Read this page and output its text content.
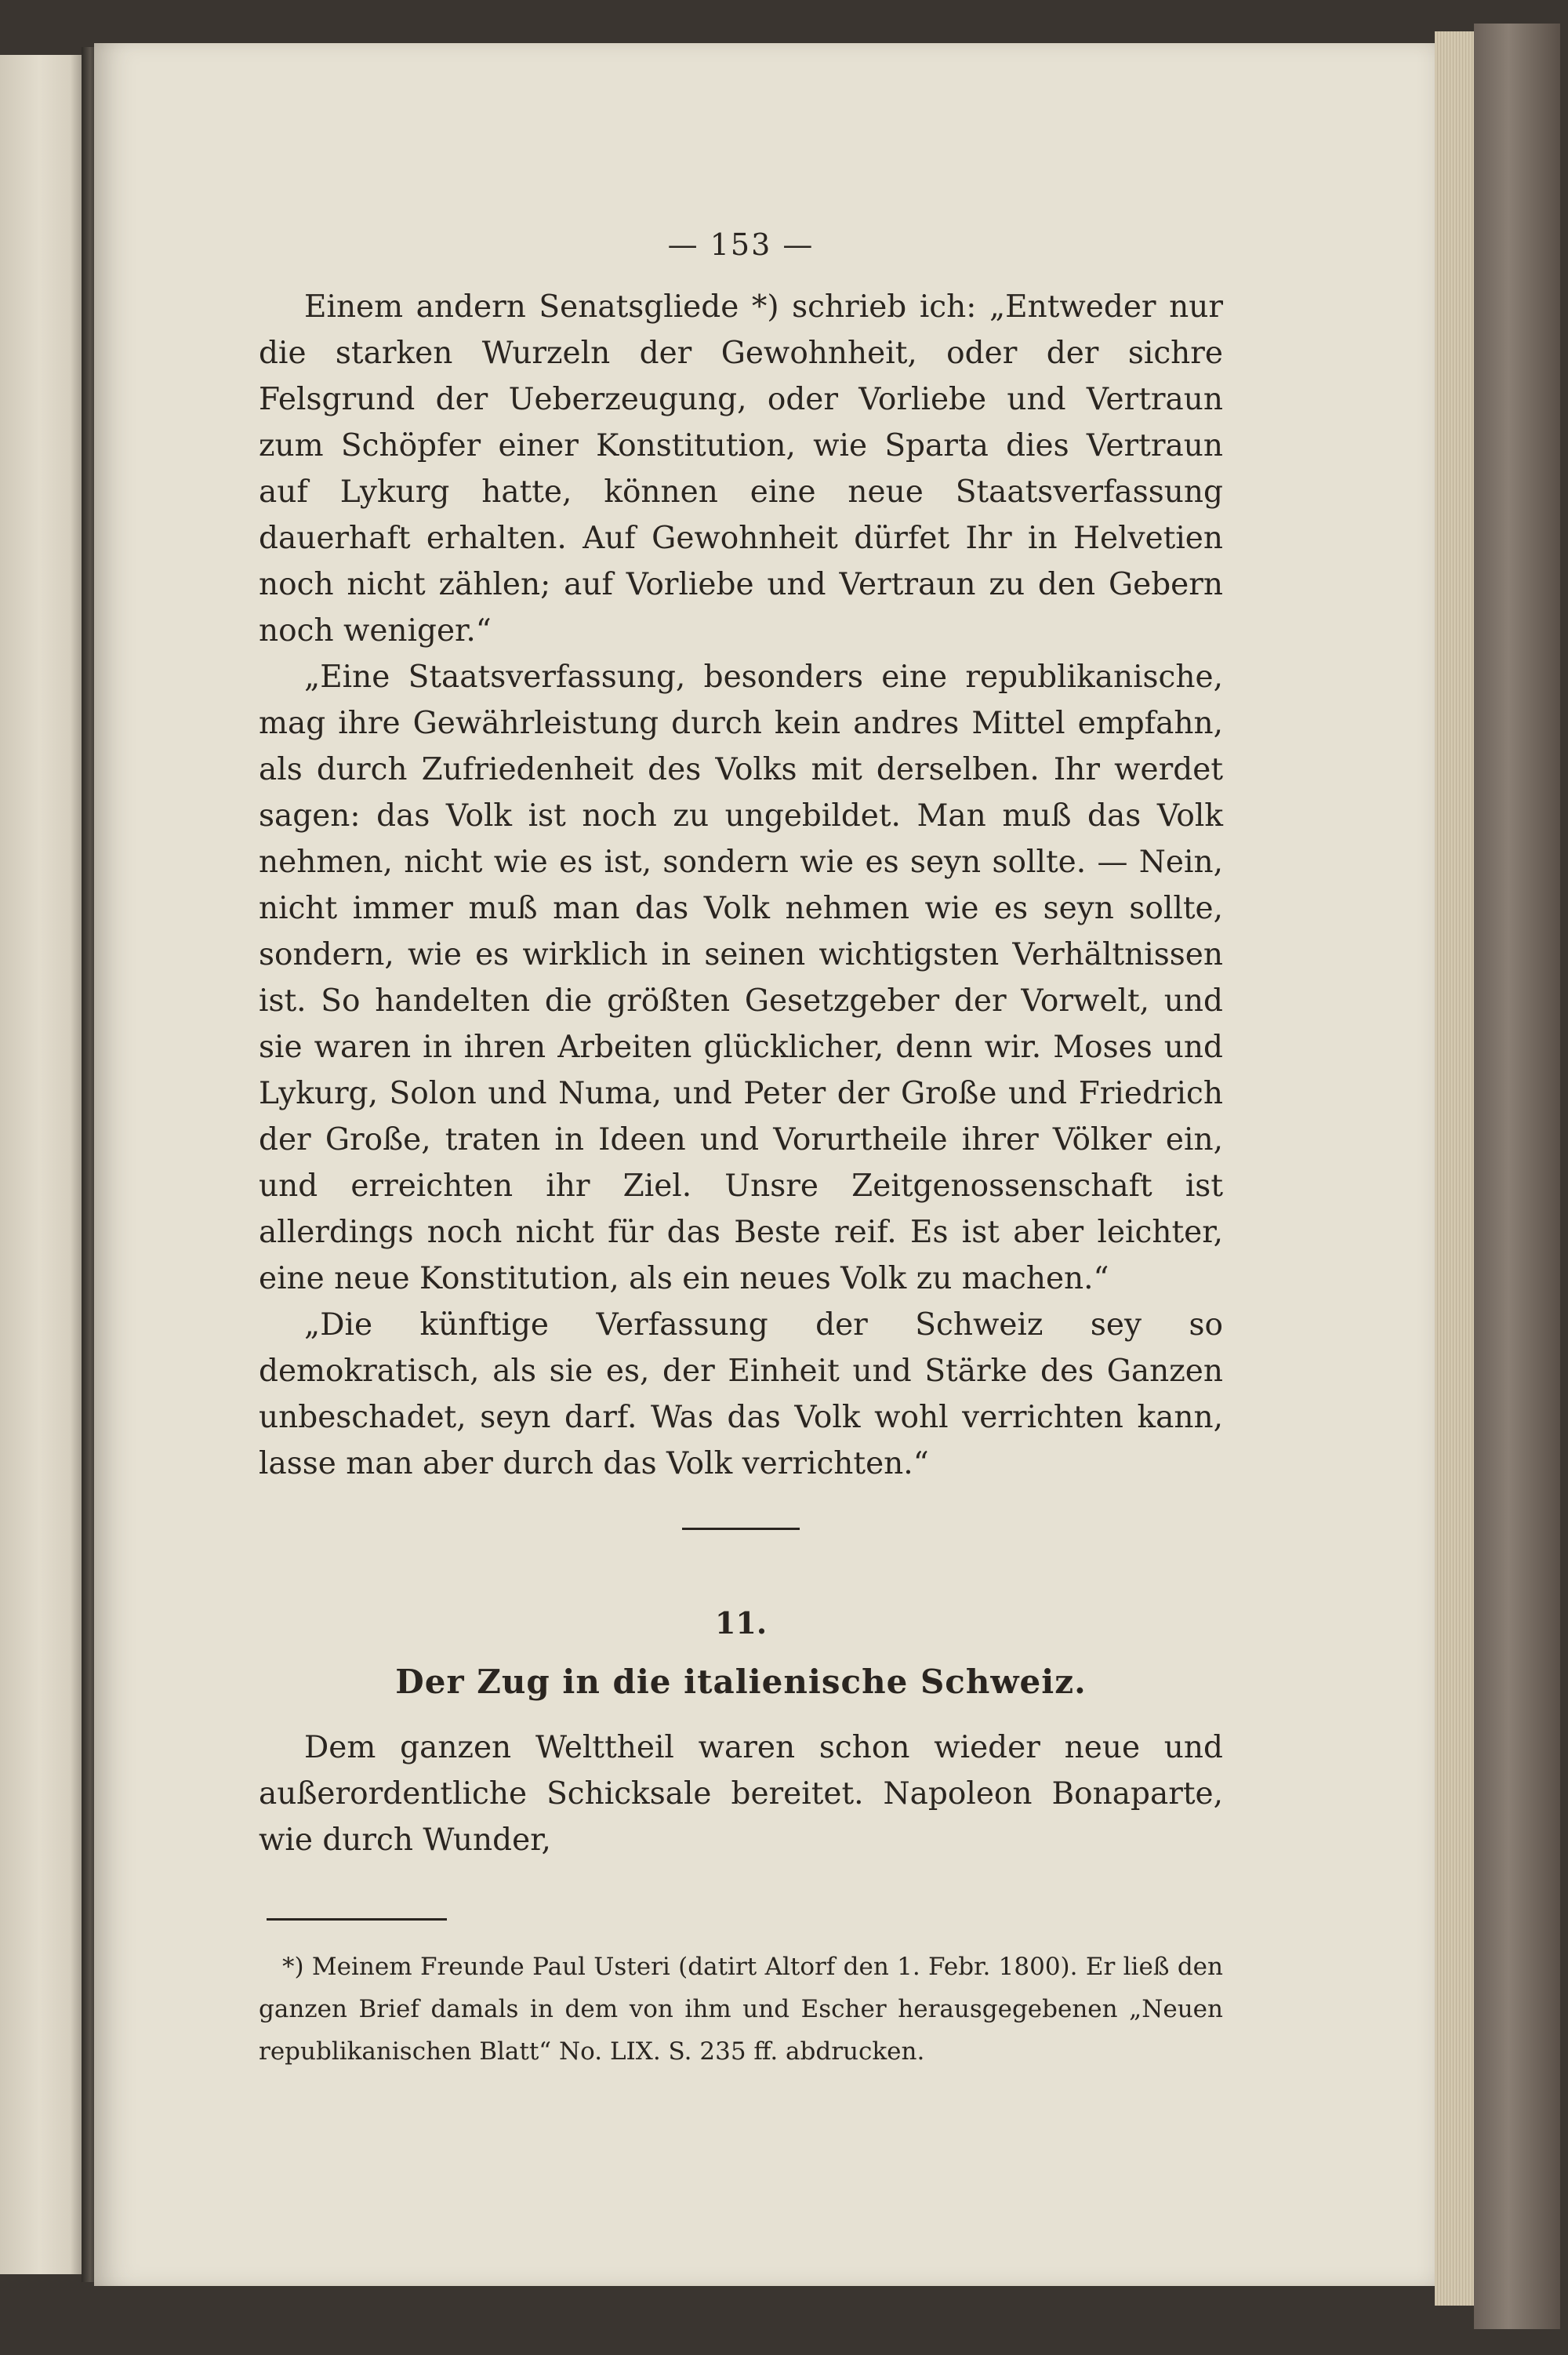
— 153 —

Einem andern Senatsgliede *) schrieb ich: „Entweder nur die starken Wurzeln der Gewohnheit, oder der sichre Felsgrund der Ueberzeugung, oder Vorliebe und Vertraun zum Schöpfer einer Konstitution, wie Sparta dies Vertraun auf Lykurg hatte, können eine neue Staatsverfassung dauerhaft erhalten. Auf Gewohnheit dürfet Ihr in Helvetien noch nicht zählen; auf Vorliebe und Vertraun zu den Gebern noch weniger.“

„Eine Staatsverfassung, besonders eine republikanische, mag ihre Gewährleistung durch kein andres Mittel empfahn, als durch Zufriedenheit des Volks mit derselben. Ihr werdet sagen: das Volk ist noch zu ungebildet. Man muß das Volk nehmen, nicht wie es ist, sondern wie es seyn sollte. — Nein, nicht immer muß man das Volk nehmen wie es seyn sollte, sondern, wie es wirklich in seinen wichtigsten Verhältnissen ist. So handelten die größten Gesetzgeber der Vorwelt, und sie waren in ihren Arbeiten glücklicher, denn wir. Moses und Lykurg, Solon und Numa, und Peter der Große und Friedrich der Große, traten in Ideen und Vorurtheile ihrer Völker ein, und erreichten ihr Ziel. Unsre Zeitgenossenschaft ist allerdings noch nicht für das Beste reif. Es ist aber leichter, eine neue Konstitution, als ein neues Volk zu machen.“

„Die künftige Verfassung der Schweiz sey so demokratisch, als sie es, der Einheit und Stärke des Ganzen unbeschadet, seyn darf. Was das Volk wohl verrichten kann, lasse man aber durch das Volk verrichten.“

11.
Der Zug in die italienische Schweiz.

Dem ganzen Welttheil waren schon wieder neue und außerordentliche Schicksale bereitet. Napoleon Bonaparte, wie durch Wunder,

*) Meinem Freunde Paul Usteri (datirt Altorf den 1. Febr. 1800). Er ließ den ganzen Brief damals in dem von ihm und Escher herausgegebenen „Neuen republikanischen Blatt“ No. LIX. S. 235 ff. abdrucken.
